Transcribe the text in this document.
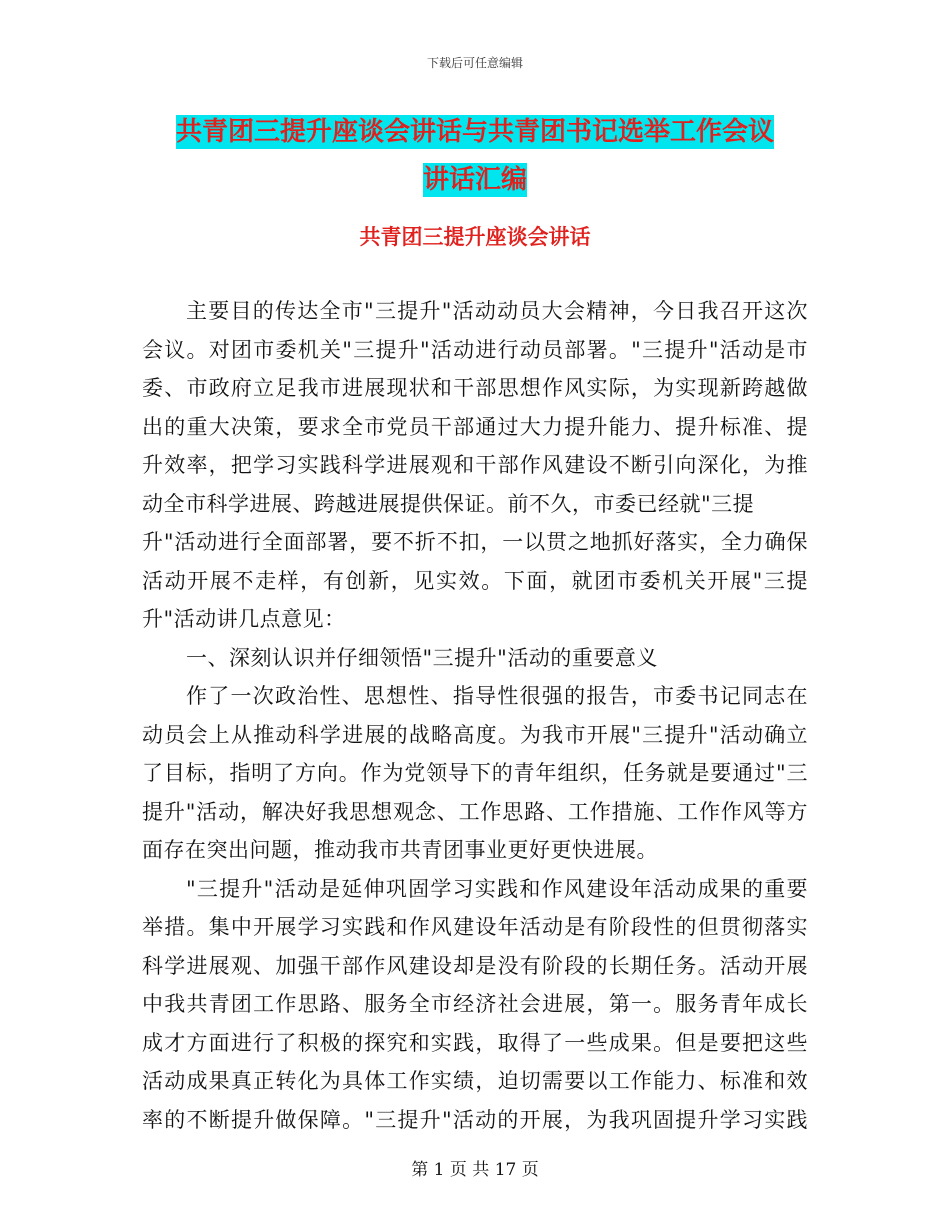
下载后可任意编辑
共青团三提升座谈会讲话与共青团书记选举工作会议
讲话汇编
共青团三提升座谈会讲话
主要目的传达全市"三提升"活动动员大会精神，今日我召开这次
会议。对团市委机关"三提升"活动进行动员部署。"三提升"活动是市
委、市政府立足我市进展现状和干部思想作风实际，为实现新跨越做
出的重大决策，要求全市党员干部通过大力提升能力、提升标准、提
升效率，把学习实践科学进展观和干部作风建设不断引向深化，为推
动全市科学进展、跨越进展提供保证。前不久，市委已经就"三提
升"活动进行全面部署，要不折不扣，一以贯之地抓好落实，全力确保
活动开展不走样，有创新，见实效。下面，就团市委机关开展"三提
升"活动讲几点意见：
一、深刻认识并仔细领悟"三提升"活动的重要意义
作了一次政治性、思想性、指导性很强的报告，市委书记同志在
动员会上从推动科学进展的战略高度。为我市开展"三提升"活动确立
了目标，指明了方向。作为党领导下的青年组织，任务就是要通过"三
提升"活动，解决好我思想观念、工作思路、工作措施、工作作风等方
面存在突出问题，推动我市共青团事业更好更快进展。
"三提升"活动是延伸巩固学习实践和作风建设年活动成果的重要
举措。集中开展学习实践和作风建设年活动是有阶段性的但贯彻落实
科学进展观、加强干部作风建设却是没有阶段的长期任务。活动开展
中我共青团工作思路、服务全市经济社会进展，第一。服务青年成长
成才方面进行了积极的探究和实践，取得了一些成果。但是要把这些
活动成果真正转化为具体工作实绩，迫切需要以工作能力、标准和效
率的不断提升做保障。"三提升"活动的开展，为我巩固提升学习实践
第 1 页 共 17 页
